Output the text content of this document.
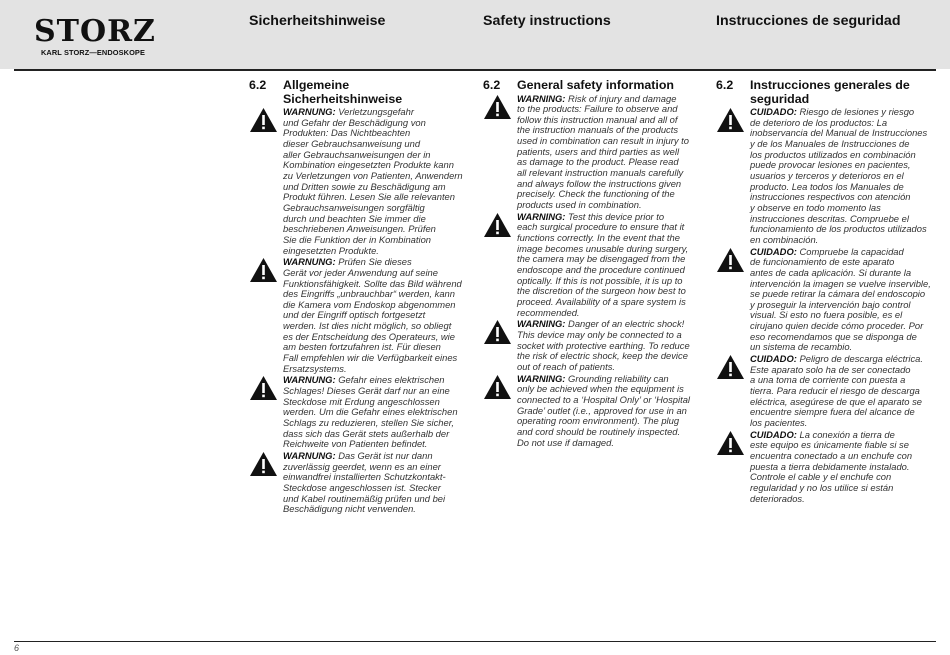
STORZ
KARL STORZ—ENDOSKOPE
Sicherheitshinweise	Safety instructions	Instrucciones de seguridad
6.2	Allgemeine
Sicherheitshinweise
WARNUNG: Verletzungsgefahr
und Gefahr der Beschädigung von
Produkten: Das Nichtbeachten
dieser Gebrauchsanweisung und
aller Gebrauchsanweisungen der in
Kombination eingesetzten Produkte kann
zu Verletzungen von Patienten, Anwendern
und Dritten sowie zu Beschädigung am
Produkt führen. Lesen Sie alle relevanten
Gebrauchsanweisungen sorgfältig
durch und beachten Sie immer die
beschriebenen Anweisungen. Prüfen
Sie die Funktion der in Kombination
eingesetzten Produkte.
WARNUNG: Prüfen Sie dieses
Gerät vor jeder Anwendung auf seine
Funktionsfähigkeit. Sollte das Bild während
des Eingriffs „unbrauchbar“ werden, kann
die Kamera vom Endoskop abgenommen
und der Eingriff optisch fortgesetzt
werden. Ist dies nicht möglich, so obliegt
es der Entscheidung des Operateurs, wie
am besten fortzufahren ist. Für diesen
Fall empfehlen wir die Verfügbarkeit eines
Ersatzsystems.
WARNUNG: Gefahr eines elektrischen
Schlages! Dieses Gerät darf nur an eine
Steckdose mit Erdung angeschlossen
werden. Um die Gefahr eines elektrischen
Schlags zu reduzieren, stellen Sie sicher,
dass sich das Gerät stets außerhalb der
Reichweite von Patienten befindet.
WARNUNG: Das Gerät ist nur dann
zuverlässig geerdet, wenn es an einer
einwandfrei installierten Schutzkontakt-
Steckdose angeschlossen ist. Stecker
und Kabel routinemäßig prüfen und bei
Beschädigung nicht verwenden.
6.2	General safety information
WARNING: Risk of injury and damage
to the products: Failure to observe and
follow this instruction manual and all of
the instruction manuals of the products
used in combination can result in injury to
patients, users and third parties as well
as damage to the product. Please read
all relevant instruction manuals carefully
and always follow the instructions given
precisely. Check the functioning of the
products used in combination.
WARNING: Test this device prior to
each surgical procedure to ensure that it
functions correctly. In the event that the
image becomes unusable during surgery,
the camera may be disengaged from the
endoscope and the procedure continued
optically. If this is not possible, it is up to
the discretion of the surgeon how best to
proceed. Availability of a spare system is
recommended.
WARNING: Danger of an electric shock!
This device may only be connected to a
socket with protective earthing. To reduce
the risk of electric shock, keep the device
out of reach of patients.
WARNING: Grounding reliability can
only be achieved when the equipment is
connected to a ‘Hospital Only’ or ‘Hospital
Grade’ outlet (i.e., approved for use in an
operating room environment). The plug
and cord should be routinely inspected.
Do not use if damaged.
6.2	Instrucciones generales de
seguridad
CUIDADO: Riesgo de lesiones y riesgo
de deterioro de los productos: La
inobservancia del Manual de Instrucciones
y de los Manuales de Instrucciones de
los productos utilizados en combinación
puede provocar lesiones en pacientes,
usuarios y terceros y deterioros en el
producto. Lea todos los Manuales de
instrucciones respectivos con atención
y observe en todo momento las
instrucciones descritas. Compruebe el
funcionamiento de los productos utilizados
en combinación.
CUIDADO: Compruebe la capacidad
de funcionamiento de este aparato
antes de cada aplicación. Si durante la
intervención la imagen se vuelve inservible,
se puede retirar la cámara del endoscopio
y proseguir la intervención bajo control
visual. Si esto no fuera posible, es el
cirujano quien decide cómo proceder. Por
eso recomendamos que se disponga de
un sistema de recambio.
CUIDADO: Peligro de descarga eléctrica.
Este aparato solo ha de ser conectado
a una toma de corriente con puesta a
tierra. Para reducir el riesgo de descarga
eléctrica, asegúrese de que el aparato se
encuentre siempre fuera del alcance de
los pacientes.
CUIDADO: La conexión a tierra de
este equipo es únicamente fiable si se
encuentra conectado a un enchufe con
puesta a tierra debidamente instalado.
Controle el cable y el enchufe con
regularidad y no los utilice si están
deteriorados.
6
